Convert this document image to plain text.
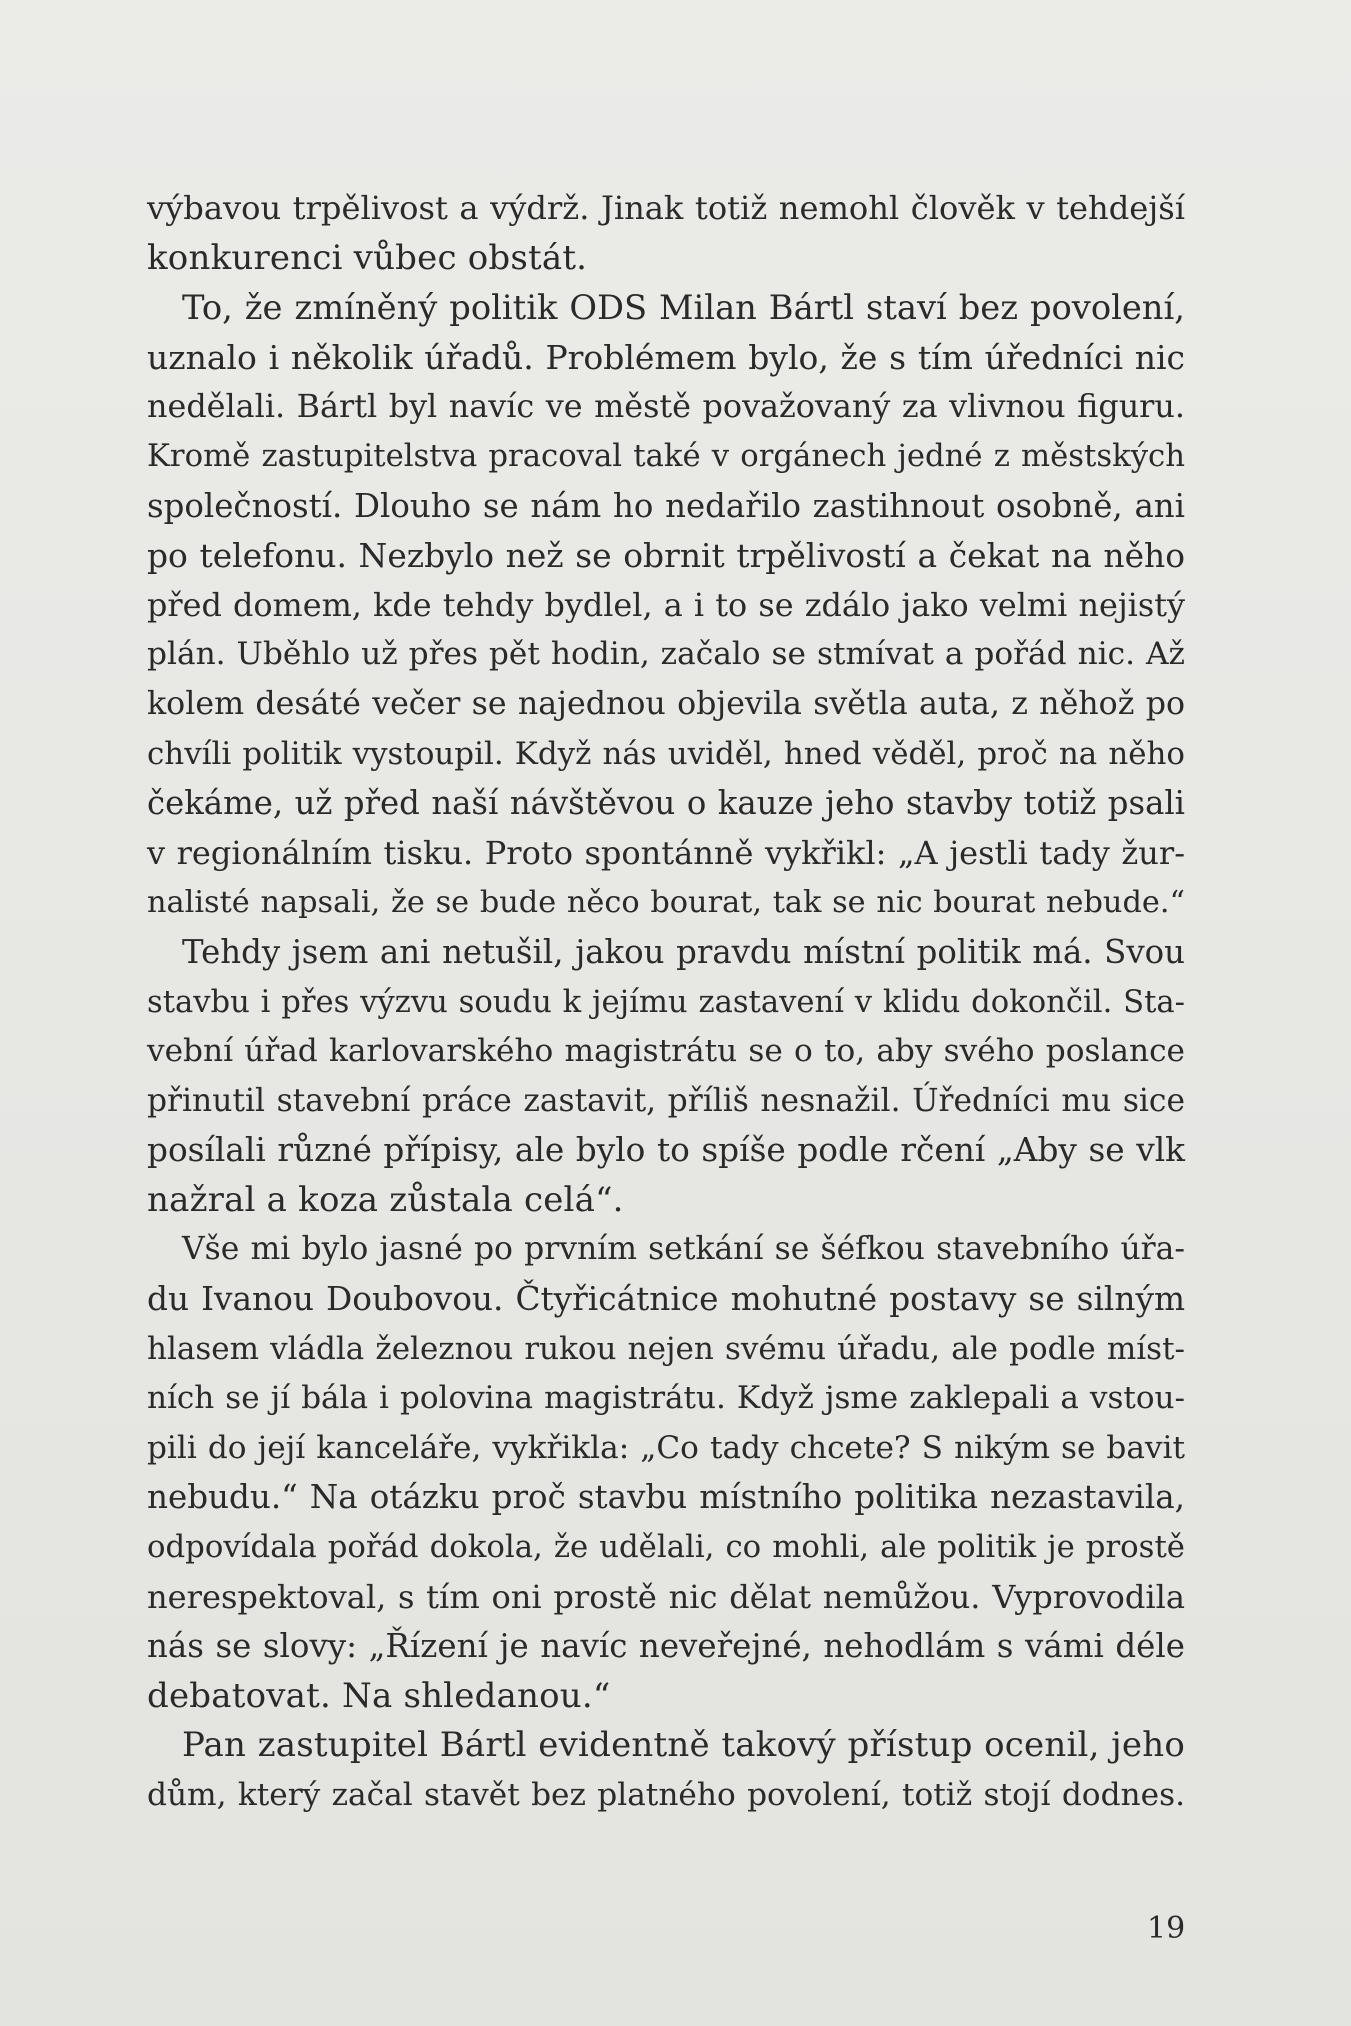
výbavou trpělivost a výdrž. Jinak totiž nemohl člověk v tehdejší
konkurenci vůbec obstát.
To, že zmíněný politik ODS Milan Bártl staví bez povolení,
uznalo i několik úřadů. Problémem bylo, že s tím úředníci nic
nedělali. Bártl byl navíc ve městě považovaný za vlivnou figuru.
Kromě zastupitelstva pracoval také v orgánech jedné z městských
společností. Dlouho se nám ho nedařilo zastihnout osobně, ani
po telefonu. Nezbylo než se obrnit trpělivostí a čekat na něho
před domem, kde tehdy bydlel, a i to se zdálo jako velmi nejistý
plán. Uběhlo už přes pět hodin, začalo se stmívat a pořád nic. Až
kolem desáté večer se najednou objevila světla auta, z něhož po
chvíli politik vystoupil. Když nás uviděl, hned věděl, proč na něho
čekáme, už před naší návštěvou o kauze jeho stavby totiž psali
v regionálním tisku. Proto spontánně vykřikl: „A jestli tady žur-
nalisté napsali, že se bude něco bourat, tak se nic bourat nebude.“
Tehdy jsem ani netušil, jakou pravdu místní politik má. Svou
stavbu i přes výzvu soudu k jejímu zastavení v klidu dokončil. Sta-
vební úřad karlovarského magistrátu se o to, aby svého poslance
přinutil stavební práce zastavit, příliš nesnažil. Úředníci mu sice
posílali různé přípisy, ale bylo to spíše podle rčení „Aby se vlk
nažral a koza zůstala celá“.
Vše mi bylo jasné po prvním setkání se šéfkou stavebního úřa-
du Ivanou Doubovou. Čtyřicátnice mohutné postavy se silným
hlasem vládla železnou rukou nejen svému úřadu, ale podle míst-
ních se jí bála i polovina magistrátu. Když jsme zaklepali a vstou-
pili do její kanceláře, vykřikla: „Co tady chcete? S nikým se bavit
nebudu.“ Na otázku proč stavbu místního politika nezastavila,
odpovídala pořád dokola, že udělali, co mohli, ale politik je prostě
nerespektoval, s tím oni prostě nic dělat nemůžou. Vyprovodila
nás se slovy: „Řízení je navíc neveřejné, nehodlám s vámi déle
debatovat. Na shledanou.“
Pan zastupitel Bártl evidentně takový přístup ocenil, jeho
dům, který začal stavět bez platného povolení, totiž stojí dodnes.
19
